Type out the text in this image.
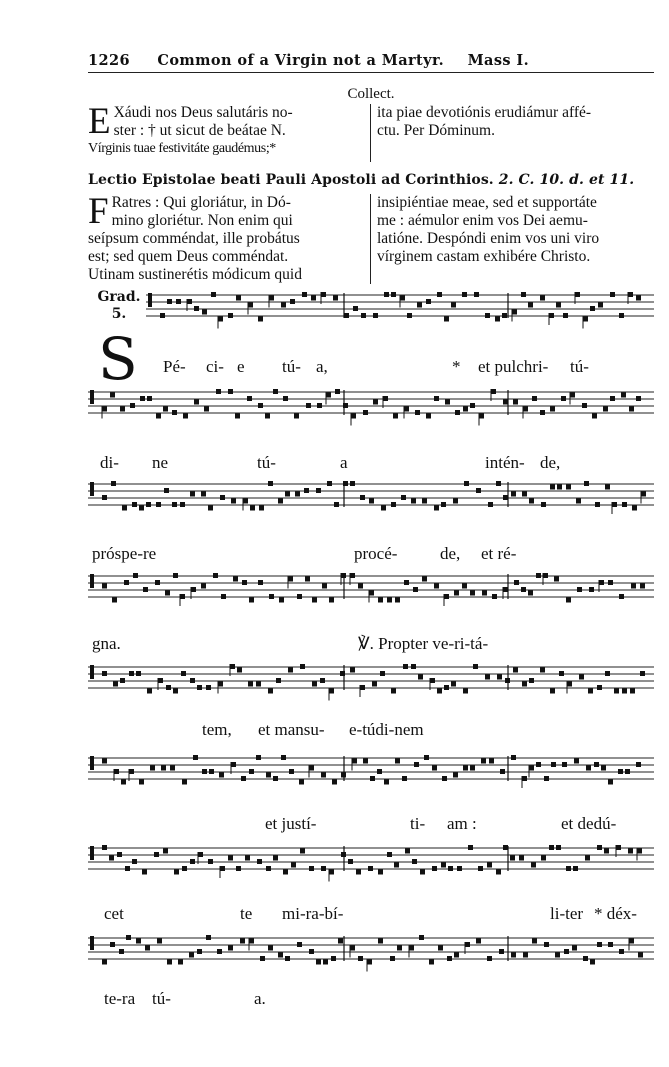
1226 Common of a Virgin not a Martyr. Mass I.
Collect.
E Xáudi nos Deus salutáris no-
ster : † ut sicut de beátae N.
Vírginis tuae festivitáte gaudémus;*
ita piae devotiónis erudiámur affé-
ctu. Per Dóminum.
Lectio Epistolae beati Pauli Apostoli ad Corinthios. 2. C. 10. d. et 11.
F Ratres : Qui gloriátur, in Dó-
mino gloriétur. Non enim qui
seípsum comméndat, ille probátus
est; sed quem Deus comméndat.
Utinam sustinerétis módicum quid
insipiéntiae meae, sed et supportáte
me : aémulor enim vos Dei aemu-
latióne. Despóndi enim vos uni viro
vírginem castam exhibére Christo.
Grad.
5.
S Pé- ci- e tú- a,	* et pulchri- tú-
di- ne	tú-	a	intén- de,
próspe-re	procé-	de, et ré-
gna.	℣. Propter ve-ri-tá-
tem, et mansu- e-túdi-nem
et justí-	ti- am :	et dedú-
cet	te mi-ra-bí-	li-ter * déx-
te-ra tú-	a.
